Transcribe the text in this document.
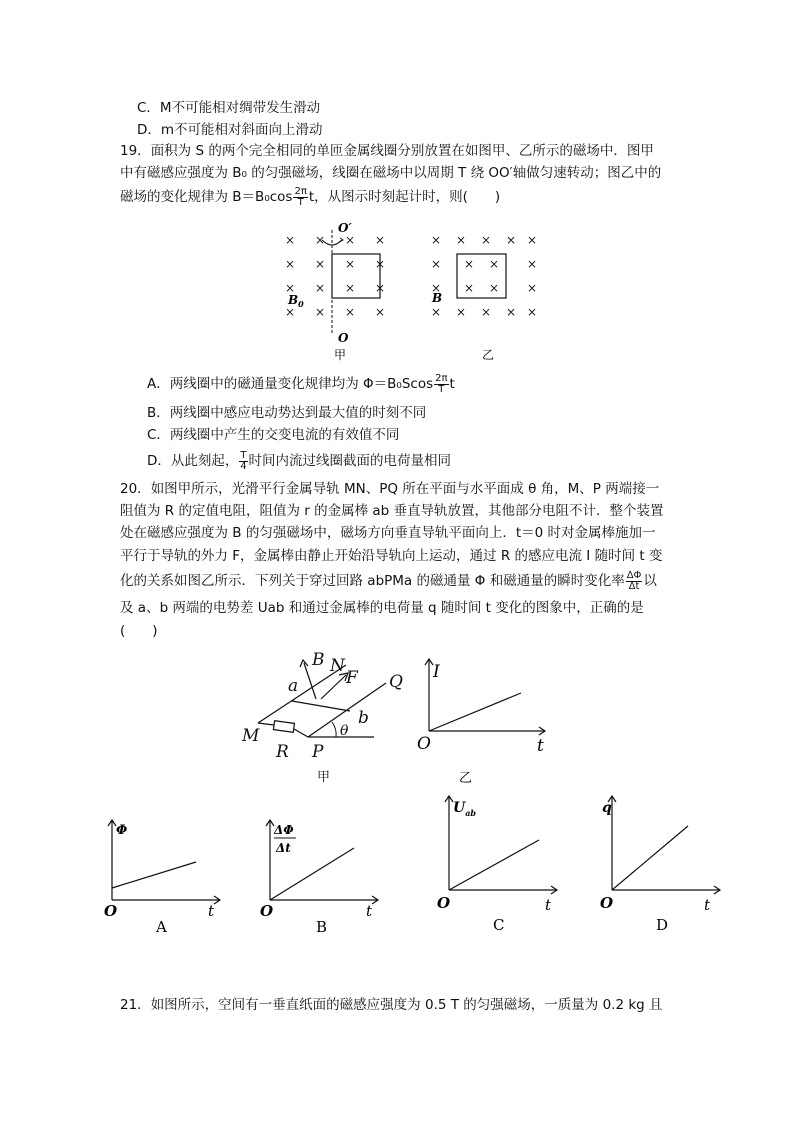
C．M不可能相对绸带发生滑动
D．m不可能相对斜面向上滑动
19．面积为 S 的两个完全相同的单匝金属线圈分别放置在如图甲、乙所示的磁场中．图甲
中有磁感应强度为 B₀ 的匀强磁场，线圈在磁场中以周期 T 绕 OO′轴做匀速转动；图乙中的
磁场的变化规律为 $B=B_0\cos \frac{2\pi}{T}$ t，从图示时刻起计时，则(　　)
× × × ×
× × × ×
× × × ×
× × × ×
O′
O
$B_0$
甲
× × × × ×
× × × ×
× × × ×
× × × × ×
B
乙
A．两线圈中的磁通量变化规律均为 $\Phi=B_0Scos \frac{2\pi}{T}$ t
B．两线圈中感应电动势达到最大值的时刻不同
C．两线圈中产生的交变电流的有效值不同
D．从此刻起， $\frac{T}{4}$ 时间内流过线圈截面的电荷量相同
20．如图甲所示，光滑平行金属导轨 MN、PQ 所在平面与水平面成 θ 角，M、P 两端接一
阻值为 R 的定值电阻，阻值为 r 的金属棒 ab 垂直导轨放置，其他部分电阻不计．整个装置
处在磁感应强度为 B 的匀强磁场中，磁场方向垂直导轨平面向上．t＝0 时对金属棒施加一
平行于导轨的外力 F，金属棒由静止开始沿导轨向上运动，通过 R 的感应电流 I 随时间 t 变
化的关系如图乙所示．下列关于穿过回路 abPMa 的磁通量 Φ 和磁通量的瞬时变化率 $\frac{\Delta\Phi}{\Delta t}$ 以
及 a、b 两端的电势差 Uab 和通过金属棒的电荷量 q 随时间 t 变化的图象中，正确的是
(　　)
B N
F Q
a
b
M
R P
θ
甲
I
O	t
乙
Φ
O	t
A
ΔΦ
Δt
O	t
B
$U_{ab}$
O	t
C
q
O	t
D
21．如图所示，空间有一垂直纸面的磁感应强度为 0.5 T 的匀强磁场，一质量为 0.2 kg 且
